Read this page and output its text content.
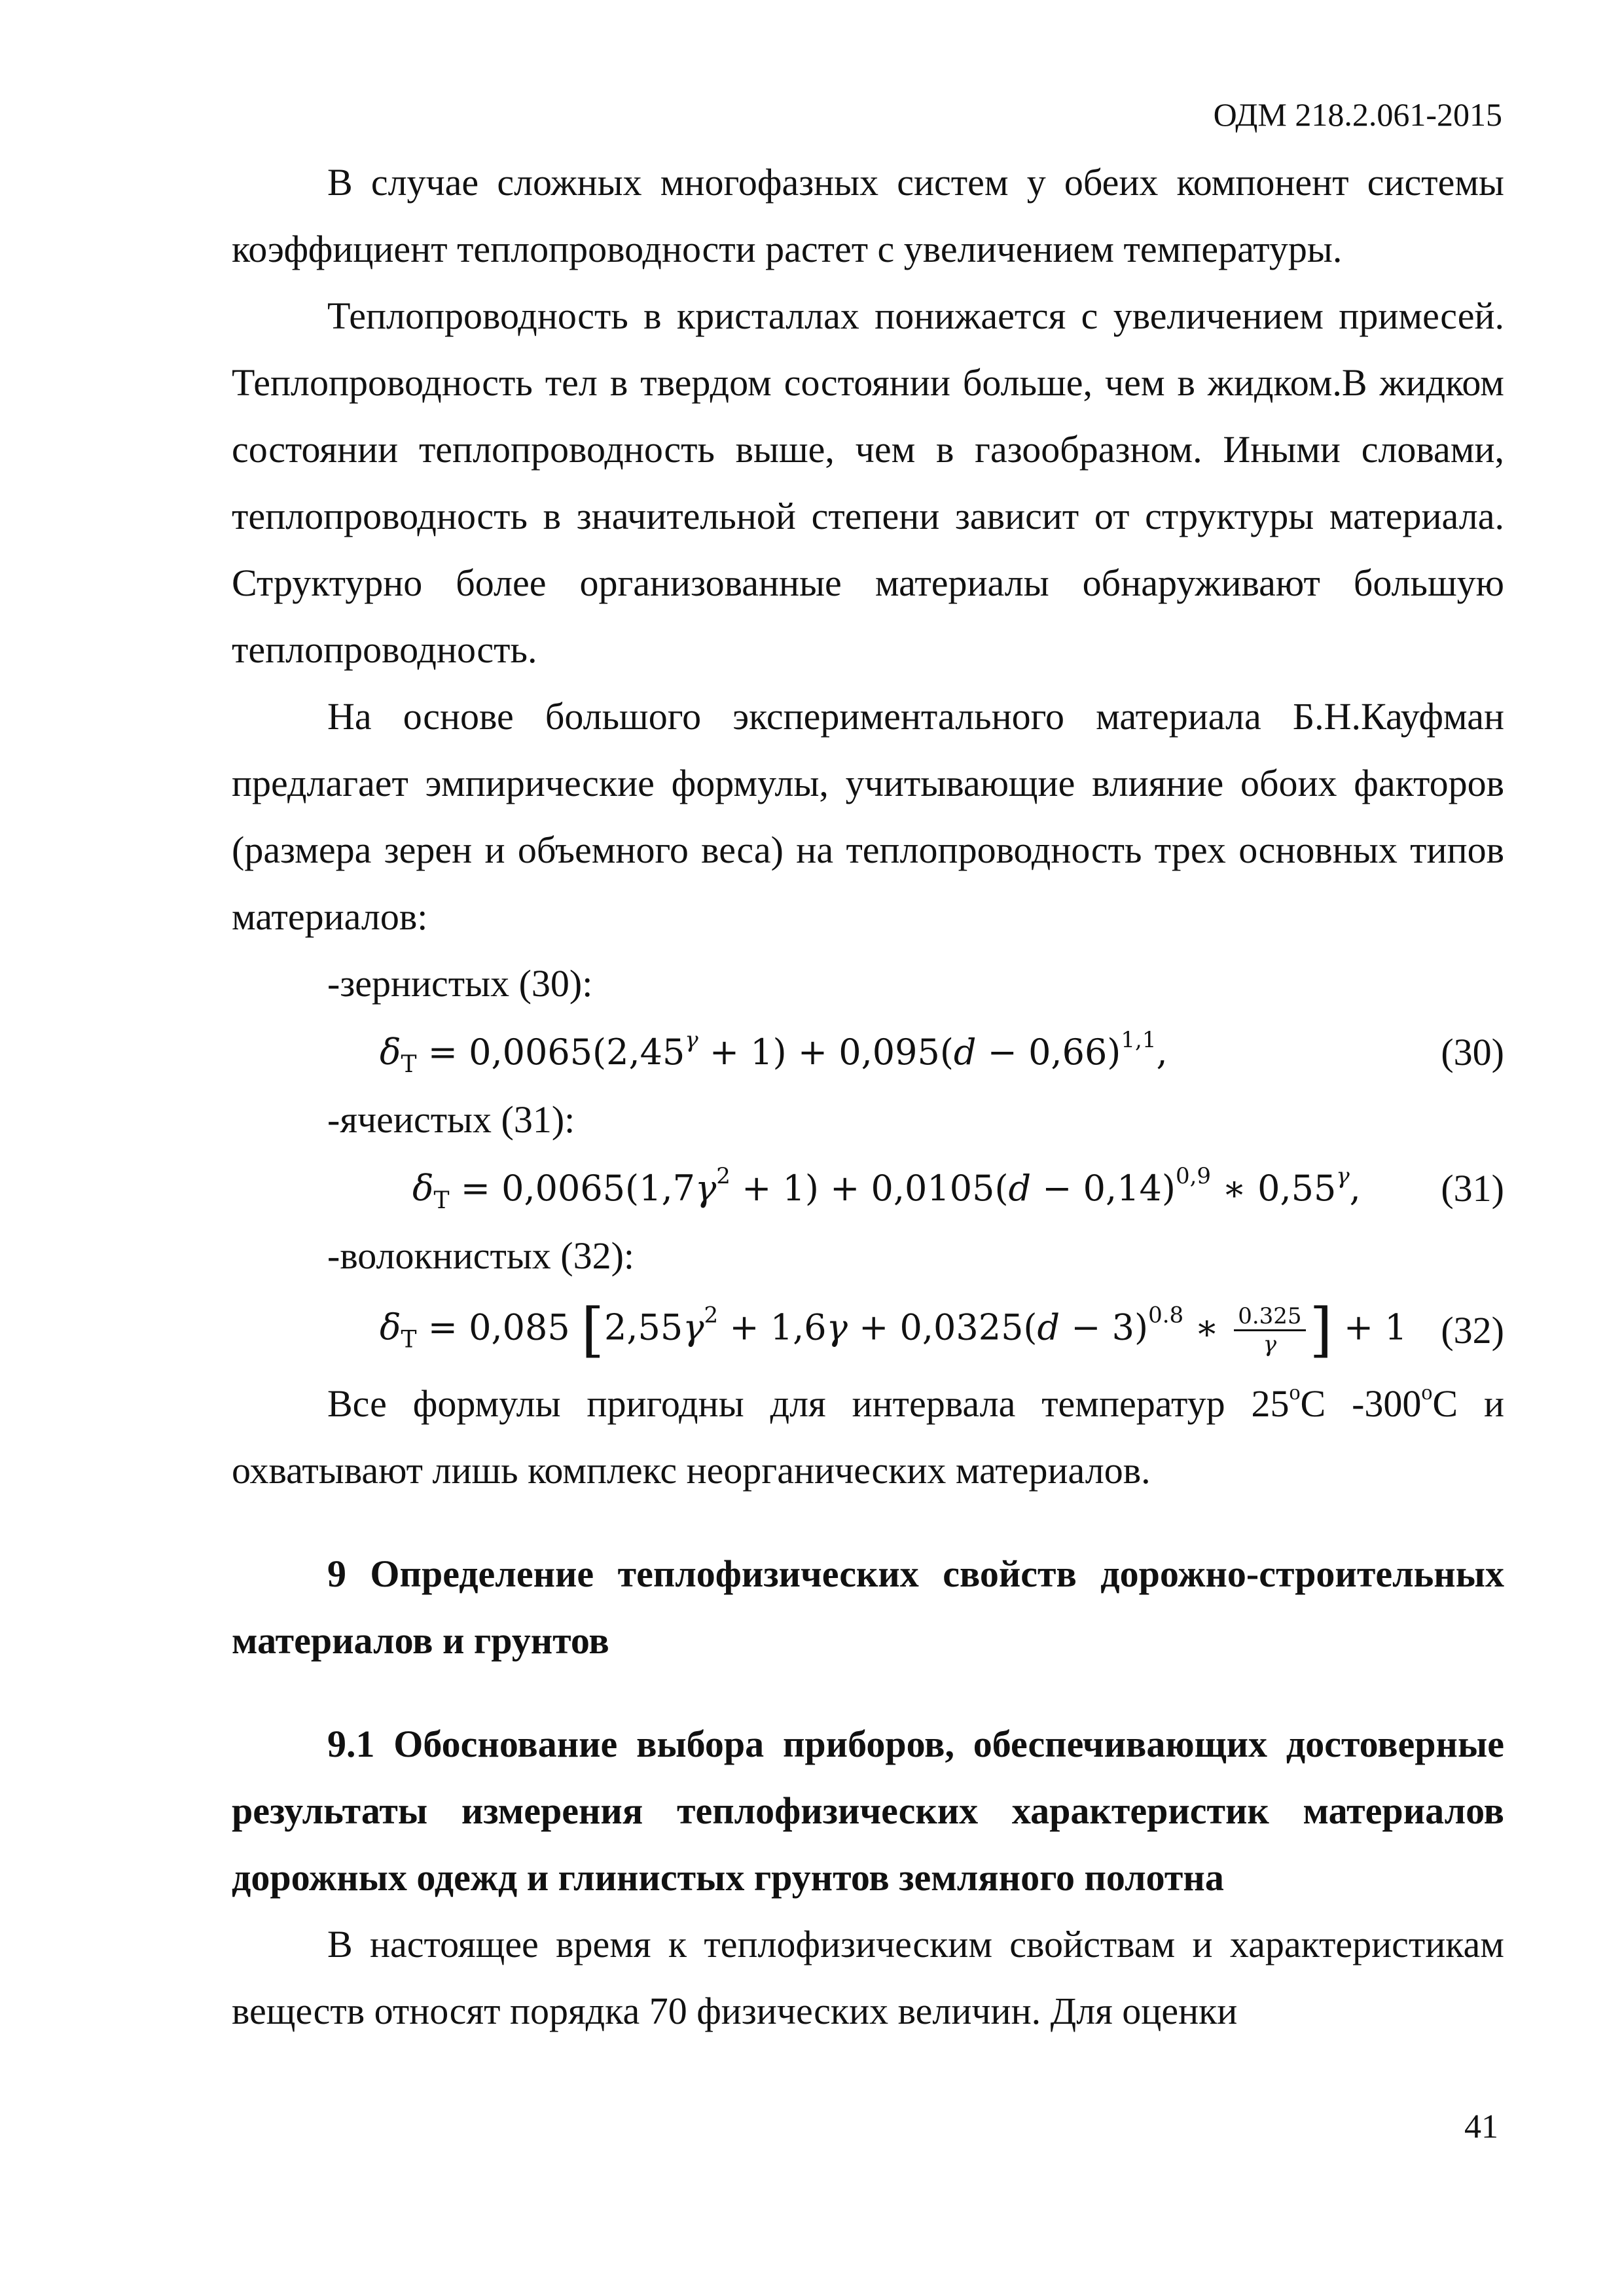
ОДМ 218.2.061-2015

В случае сложных многофазных систем у обеих компонент системы коэффициент теплопроводности растет с увеличением температуры.

Теплопроводность в кристаллах понижается с увеличением примесей. Теплопроводность тел в твердом состоянии больше, чем в жидком.В жидком состоянии теплопроводность выше, чем в газообразном. Иными словами, теплопроводность в значительной степени зависит от структуры материала. Структурно более организованные материалы обнаруживают большую теплопроводность.

На основе большого экспериментального материала Б.Н.Кауфман предлагает эмпирические формулы, учитывающие влияние обоих факторов (размера зерен и объемного веса) на теплопроводность трех основных типов материалов:

-зернистых (30):

$\delta_Т = 0,0065(2,45^\gamma + 1) + 0,095(d - 0,66)^{1,1}$,	(30)

-ячеистых (31):

$\delta_Т = 0,0065(1,7\gamma^2 + 1) + 0,0105(d - 0,14)^{0,9}$ ∗ $0,55^\gamma$, (31)

-волокнистых (32):

$\delta_Т = 0,085$ [$2,55\gamma^2 + 1,6\gamma + 0,0325(d - 3)^{0.8}$ ∗ $\frac{0.325}{\gamma}$ ] + 1 (32)

Все формулы пригодны для интервала температур 25$^o$С -300$^o$С и охватывают лишь комплекс неорганических материалов.

9 Определение теплофизических свойств дорожно-строительных материалов и грунтов

9.1 Обоснование выбора приборов, обеспечивающих достоверные результаты измерения теплофизических характеристик материалов дорожных одежд и глинистых грунтов земляного полотна

В настоящее время к теплофизическим свойствам и характеристикам веществ относят порядка 70 физических величин. Для оценки

41
